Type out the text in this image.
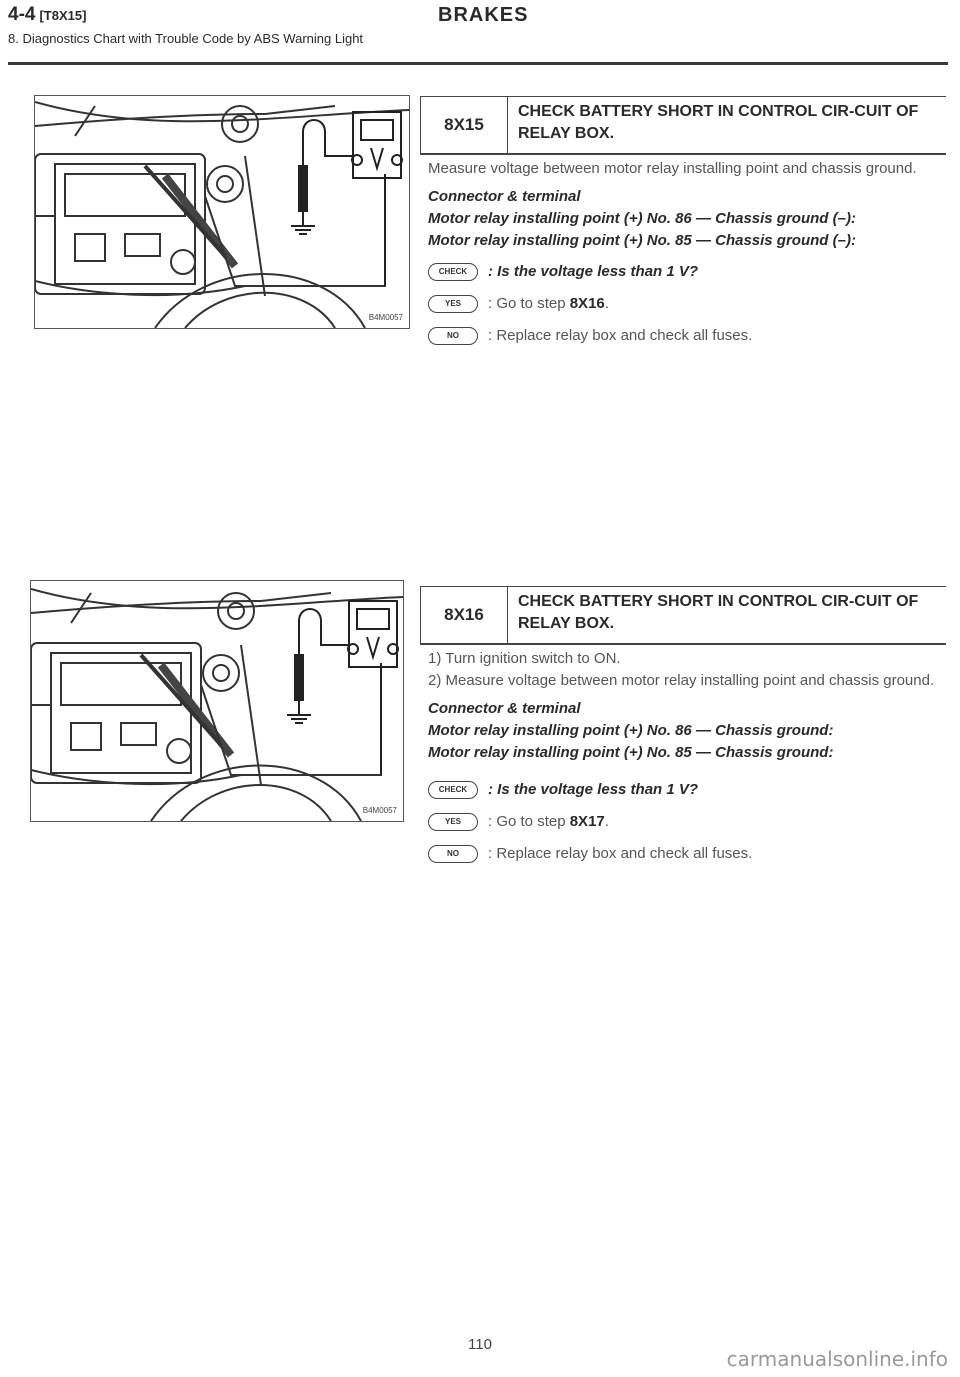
4-4 [T8X15]	BRAKES
8. Diagnostics Chart with Trouble Code by ABS Warning Light
B4M0057
8X15
CHECK BATTERY SHORT IN CONTROL CIR-CUIT OF RELAY BOX.

Measure voltage between motor relay installing point and chassis ground.

Connector & terminal

Motor relay installing point (+) No. 86 — Chassis ground (–):

Motor relay installing point (+) No. 85 — Chassis ground (–):

CHECK : Is the voltage less than 1 V?
YES : Go to step 8X16.
NO : Replace relay box and check all fuses.
B4M0057
8X16
CHECK BATTERY SHORT IN CONTROL CIR-CUIT OF RELAY BOX.

1) Turn ignition switch to ON.

2) Measure voltage between motor relay installing point and chassis ground.

Connector & terminal

Motor relay installing point (+) No. 86 — Chassis ground:

Motor relay installing point (+) No. 85 — Chassis ground:

CHECK : Is the voltage less than 1 V?
YES : Go to step 8X17.
NO : Replace relay box and check all fuses.
110
carmanualsonline.info
